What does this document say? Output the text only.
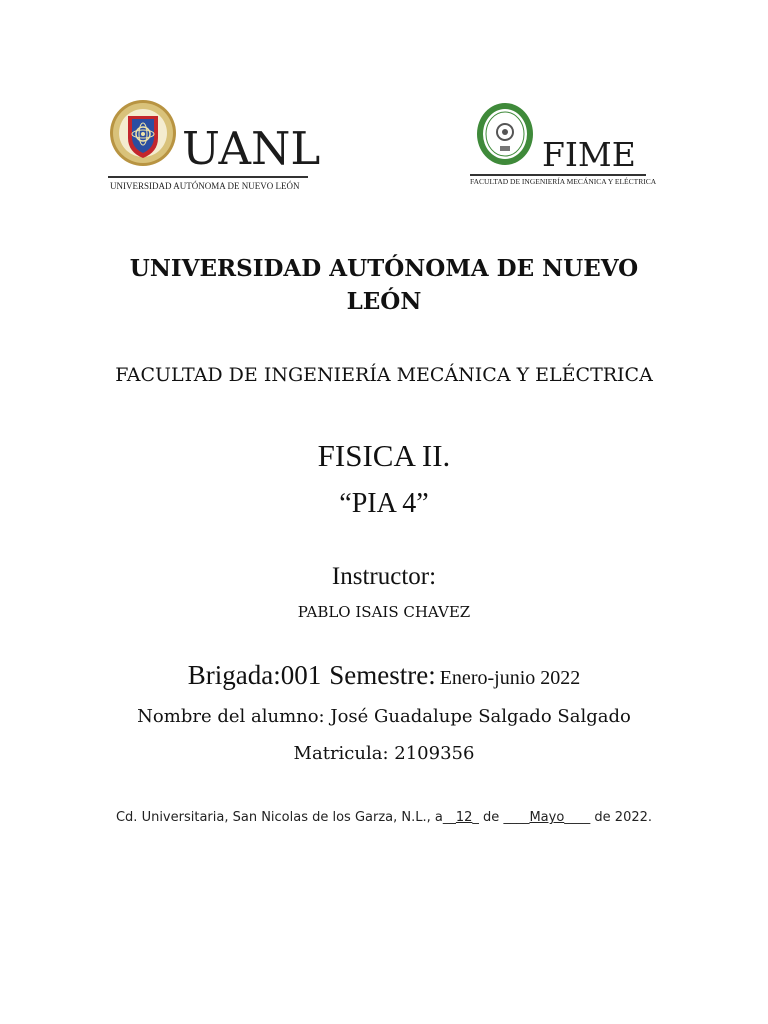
UANL
UNIVERSIDAD AUTÓNOMA DE NUEVO LEÓN
FIME
FACULTAD DE INGENIERÍA MECÁNICA Y ELÉCTRICA
UNIVERSIDAD AUTÓNOMA DE NUEVO LEÓN
FACULTAD DE INGENIERÍA MECÁNICA Y ELÉCTRICA
FISICA II.
“PIA 4”
Instructor:
PABLO ISAIS CHAVEZ
Brigada:001 Semestre: Enero-junio 2022
Nombre del alumno: José Guadalupe Salgado Salgado
Matricula: 2109356
Cd. Universitaria, San Nicolas de los Garza, N.L., a__12_ de ____Mayo____ de 2022.
